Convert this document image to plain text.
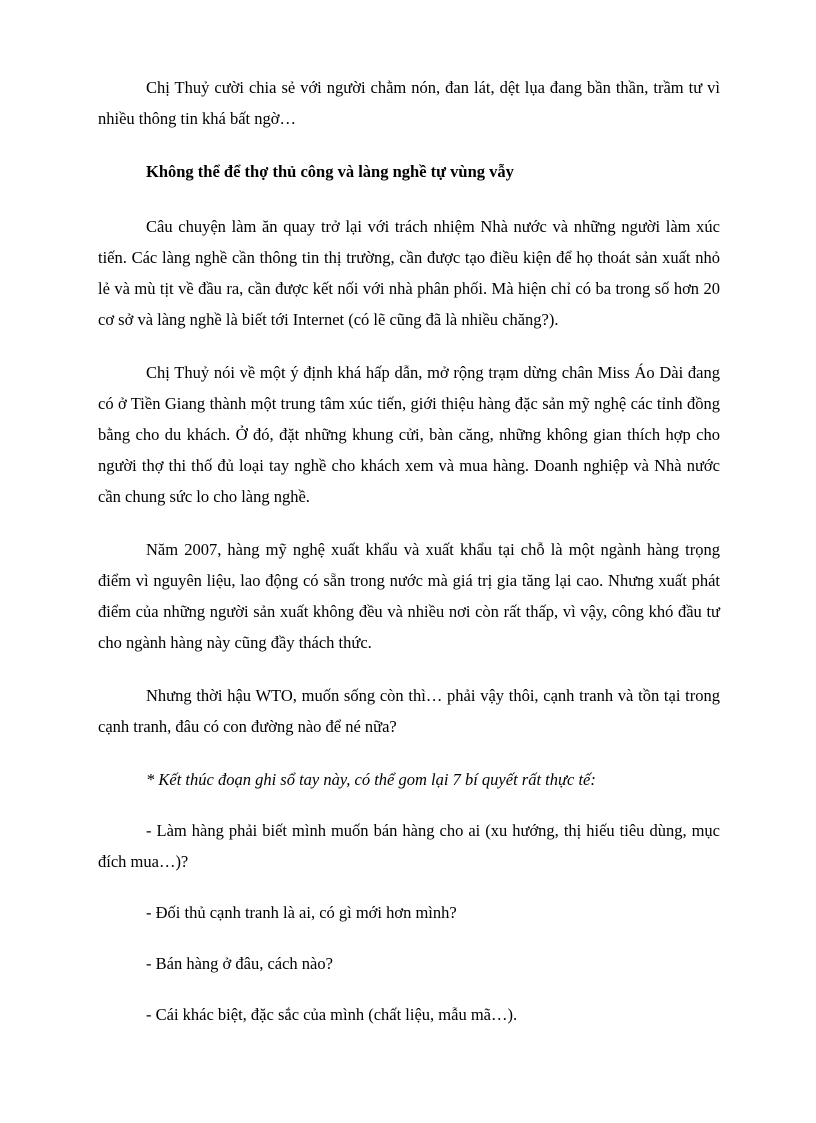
Chị Thuỷ cười chia sẻ với người chằm nón, đan lát, dệt lụa đang bần thần, trầm tư vì nhiều thông tin khá bất ngờ…

Không thể để thợ thủ công và làng nghề tự vùng vẫy

Câu chuyện làm ăn quay trở lại với trách nhiệm Nhà nước và những người làm xúc tiến. Các làng nghề cần thông tin thị trường, cần được tạo điều kiện để họ thoát sản xuất nhỏ lẻ và mù tịt về đầu ra, cần được kết nối với nhà phân phối. Mà hiện chỉ có ba trong số hơn 20 cơ sở và làng nghề là biết tới Internet (có lẽ cũng đã là nhiều chăng?).

Chị Thuỷ nói về một ý định khá hấp dẫn, mở rộng trạm dừng chân Miss Áo Dài đang có ở Tiền Giang thành một trung tâm xúc tiến, giới thiệu hàng đặc sản mỹ nghệ các tỉnh đồng bằng cho du khách. Ở đó, đặt những khung cửi, bàn căng, những không gian thích hợp cho người thợ thi thố đủ loại tay nghề cho khách xem và mua hàng. Doanh nghiệp và Nhà nước cần chung sức lo cho làng nghề.

Năm 2007, hàng mỹ nghệ xuất khẩu và xuất khẩu tại chỗ là một ngành hàng trọng điểm vì nguyên liệu, lao động có sẵn trong nước mà giá trị gia tăng lại cao. Nhưng xuất phát điểm của những người sản xuất không đều và nhiều nơi còn rất thấp, vì vậy, công khó đầu tư cho ngành hàng này cũng đầy thách thức.

Nhưng thời hậu WTO, muốn sống còn thì… phải vậy thôi, cạnh tranh và tồn tại trong cạnh tranh, đâu có con đường nào để né nữa?

* Kết thúc đoạn ghi sổ tay này, có thể gom lại 7 bí quyết rất thực tế:

- Làm hàng phải biết mình muốn bán hàng cho ai (xu hướng, thị hiếu tiêu dùng, mục đích mua…)?

- Đối thủ cạnh tranh là ai, có gì mới hơn mình?

- Bán hàng ở đâu, cách nào?

- Cái khác biệt, đặc sắc của mình (chất liệu, mẫu mã…).
